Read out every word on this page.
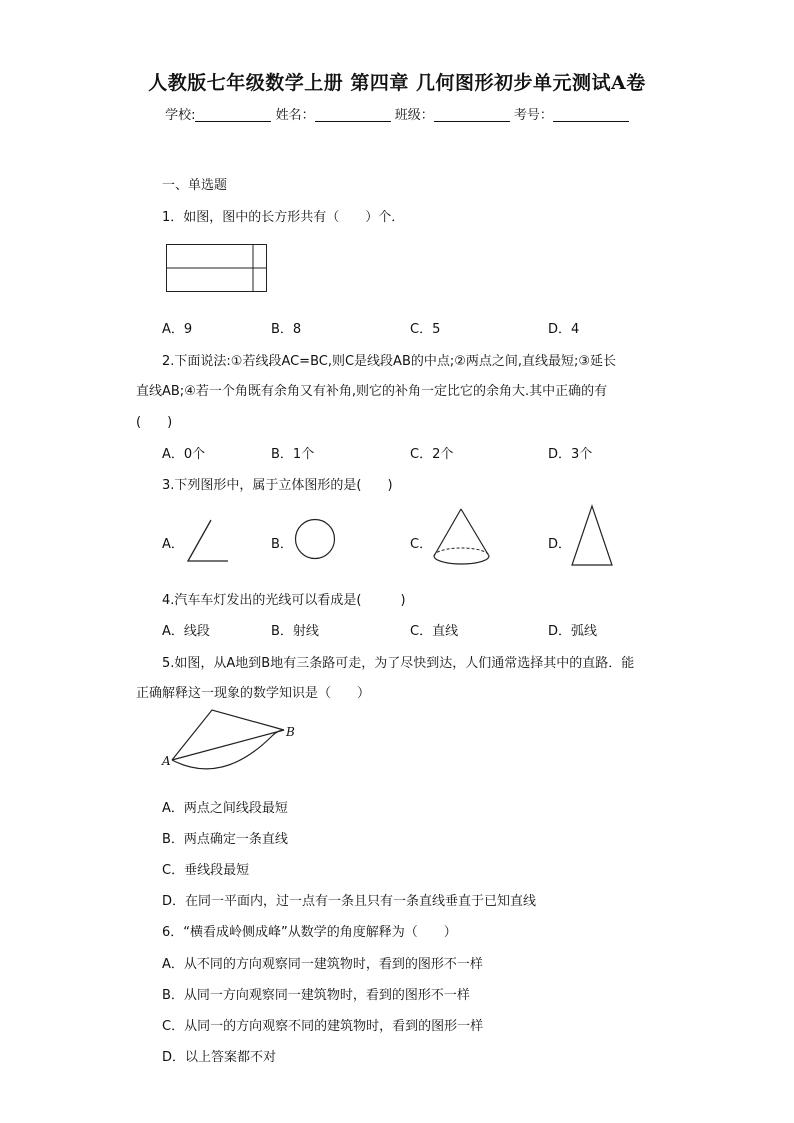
人教版七年级数学上册 第四章 几何图形初步单元测试A卷
学校:	姓名：	班级：	考号：
一、单选题
1．如图，图中的长方形共有（　　）个．
A．9	B．8	C．5	D．4
2.下面说法:①若线段AC=BC,则C是线段AB的中点;②两点之间,直线最短;③延长
直线AB;④若一个角既有余角又有补角,则它的补角一定比它的余角大.其中正确的有
(　　)
A．0个	B．1个	C．2个	D．3个
3.下列图形中，属于立体图形的是(　　)
A．	B．	C．	D．
4.汽车车灯发出的光线可以看成是(　　　)
A．线段	B．射线	C．直线	D．弧线
5.如图，从A地到B地有三条路可走，为了尽快到达，人们通常选择其中的直路．能
正确解释这一现象的数学知识是（　　）
A
B
A．两点之间线段最短
B．两点确定一条直线
C．垂线段最短
D．在同一平面内，过一点有一条且只有一条直线垂直于已知直线
6．“横看成岭侧成峰”从数学的角度解释为（　　）
A．从不同的方向观察同一建筑物时，看到的图形不一样
B．从同一方向观察同一建筑物时，看到的图形不一样
C．从同一的方向观察不同的建筑物时，看到的图形一样
D．以上答案都不对
